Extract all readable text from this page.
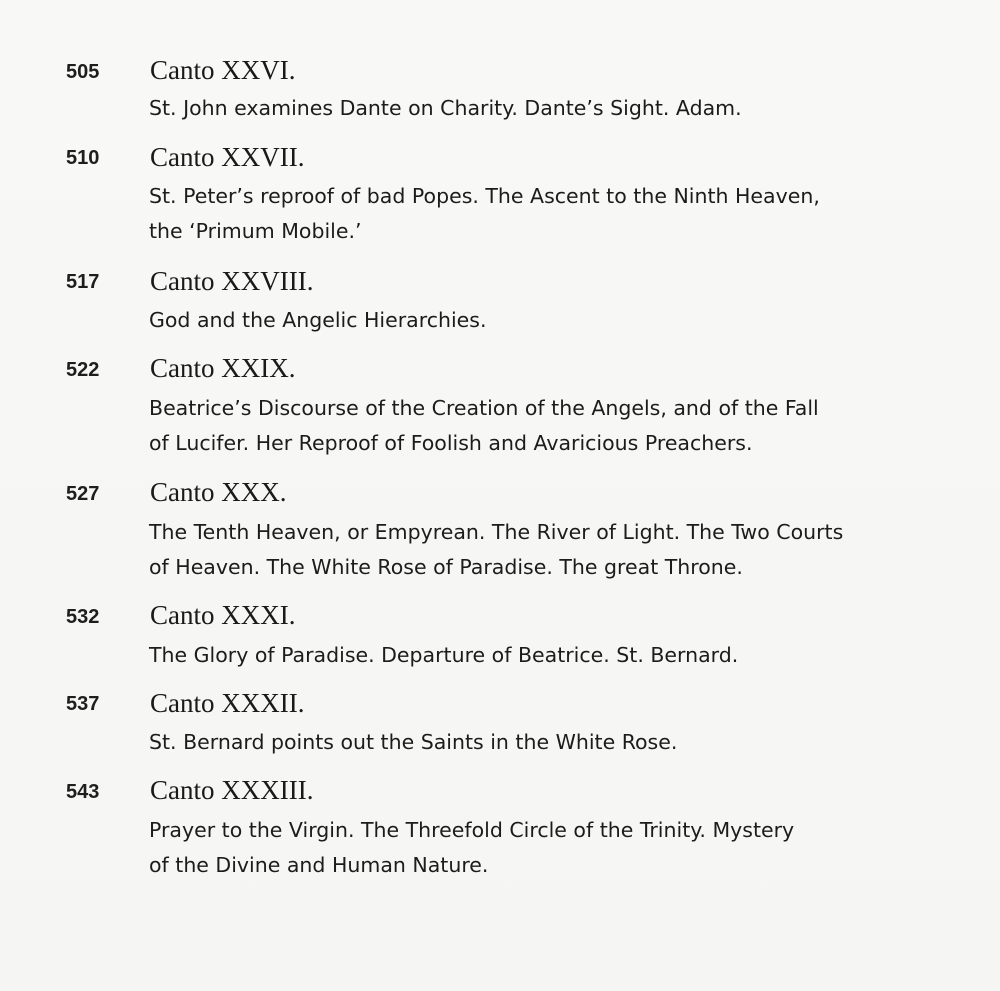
505	Canto XXVI.
St. John examines Dante on Charity. Dante’s Sight. Adam.
510	Canto XXVII.
St. Peter’s reproof of bad Popes. The Ascent to the Ninth Heaven,
the ‘Primum Mobile.’
517	Canto XXVIII.
God and the Angelic Hierarchies.
522	Canto XXIX.
Beatrice’s Discourse of the Creation of the Angels, and of the Fall
of Lucifer. Her Reproof of Foolish and Avaricious Preachers.
527	Canto XXX.
The Tenth Heaven, or Empyrean. The River of Light. The Two Courts
of Heaven. The White Rose of Paradise. The great Throne.
532	Canto XXXI.
The Glory of Paradise. Departure of Beatrice. St. Bernard.
537	Canto XXXII.
St. Bernard points out the Saints in the White Rose.
543	Canto XXXIII.
Prayer to the Virgin. The Threefold Circle of the Trinity. Mystery
of the Divine and Human Nature.
